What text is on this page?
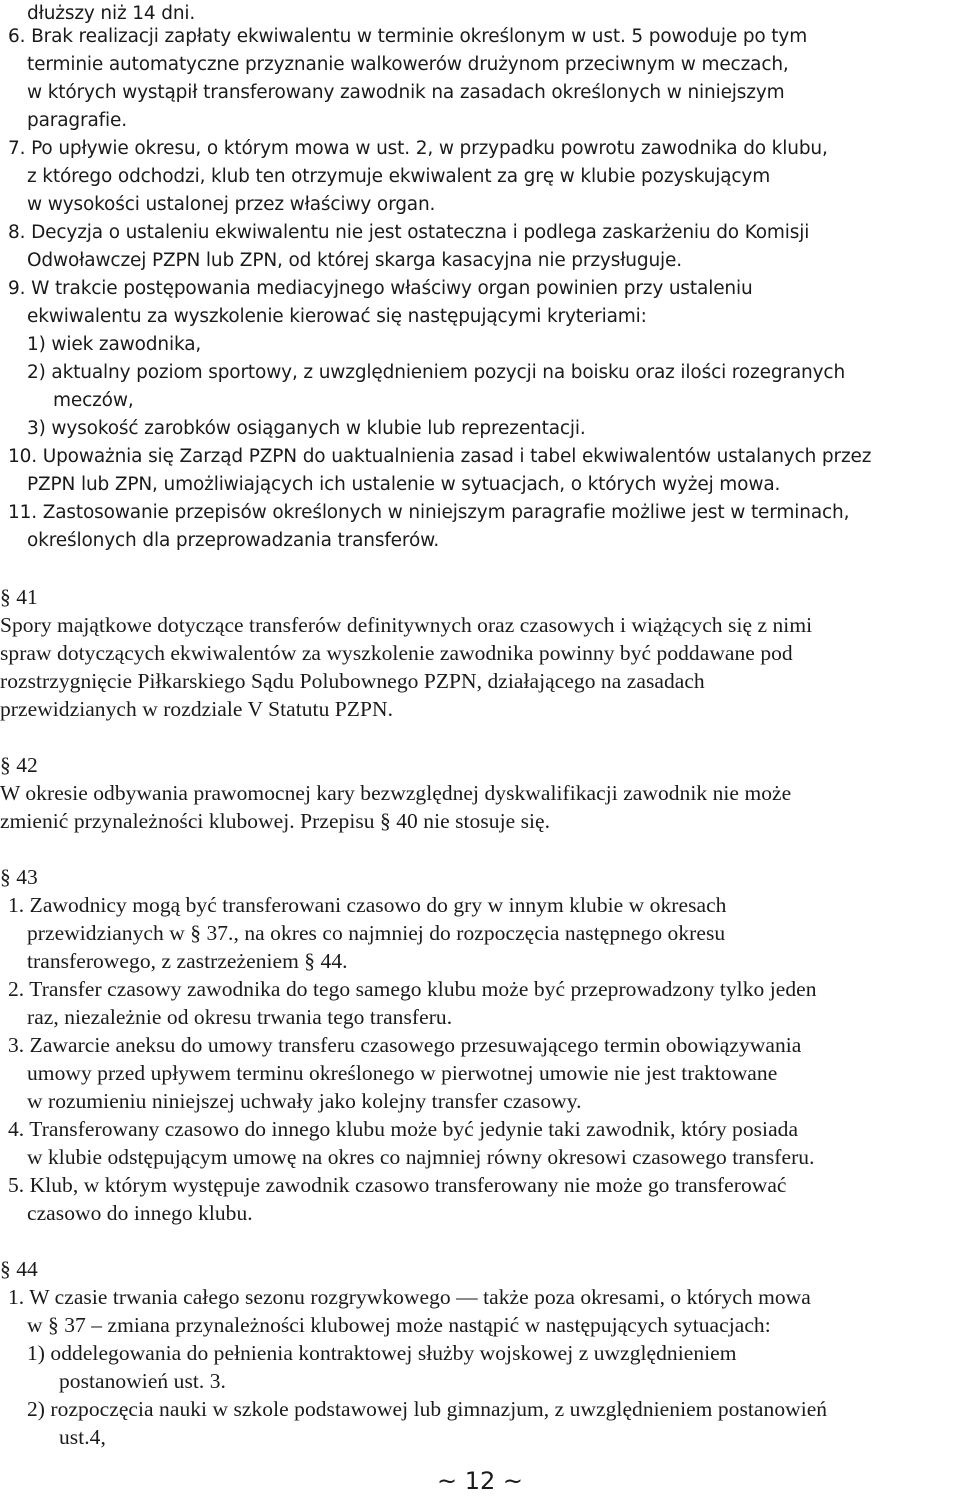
dłuższy niż 14 dni.
6. Brak realizacji zapłaty ekwiwalentu w terminie określonym w ust. 5 powoduje po tym
terminie automatyczne przyznanie walkowerów drużynom przeciwnym w meczach,
w których wystąpił transferowany zawodnik na zasadach określonych w niniejszym
paragrafie.
7. Po upływie okresu, o którym mowa w ust. 2, w przypadku powrotu zawodnika do klubu,
z którego odchodzi, klub ten otrzymuje ekwiwalent za grę w klubie pozyskującym
w wysokości ustalonej przez właściwy organ.
8. Decyzja o ustaleniu ekwiwalentu nie jest ostateczna i podlega zaskarżeniu do Komisji
Odwoławczej PZPN lub ZPN, od której skarga kasacyjna nie przysługuje.
9. W trakcie postępowania mediacyjnego właściwy organ powinien przy ustaleniu
ekwiwalentu za wyszkolenie kierować się następującymi kryteriami:
1) wiek zawodnika,
2) aktualny poziom sportowy, z uwzględnieniem pozycji na boisku oraz ilości rozegranych
meczów,
3) wysokość zarobków osiąganych w klubie lub reprezentacji.
10. Upoważnia się Zarząd PZPN do uaktualnienia zasad i tabel ekwiwalentów ustalanych przez
PZPN lub ZPN, umożliwiających ich ustalenie w sytuacjach, o których wyżej mowa.
11. Zastosowanie przepisów określonych w niniejszym paragrafie możliwe jest w terminach,
określonych dla przeprowadzania transferów.
§ 41
Spory majątkowe dotyczące transferów definitywnych oraz czasowych i wiążących się z nimi
spraw dotyczących ekwiwalentów za wyszkolenie zawodnika powinny być poddawane pod
rozstrzygnięcie Piłkarskiego Sądu Polubownego PZPN, działającego na zasadach
przewidzianych w rozdziale V Statutu PZPN.
§ 42
W okresie odbywania prawomocnej kary bezwzględnej dyskwalifikacji zawodnik nie może
zmienić przynależności klubowej. Przepisu § 40 nie stosuje się.
§ 43
1. Zawodnicy mogą być transferowani czasowo do gry w innym klubie w okresach
przewidzianych w § 37., na okres co najmniej do rozpoczęcia następnego okresu
transferowego, z zastrzeżeniem § 44.
2. Transfer czasowy zawodnika do tego samego klubu może być przeprowadzony tylko jeden
raz, niezależnie od okresu trwania tego transferu.
3. Zawarcie aneksu do umowy transferu czasowego przesuwającego termin obowiązywania
umowy przed upływem terminu określonego w pierwotnej umowie nie jest traktowane
w rozumieniu niniejszej uchwały jako kolejny transfer czasowy.
4. Transferowany czasowo do innego klubu może być jedynie taki zawodnik, który posiada
w klubie odstępującym umowę na okres co najmniej równy okresowi czasowego transferu.
5. Klub, w którym występuje zawodnik czasowo transferowany nie może go transferować
czasowo do innego klubu.
§ 44
1. W czasie trwania całego sezonu rozgrywkowego — także poza okresami, o których mowa
w § 37 – zmiana przynależności klubowej może nastąpić w następujących sytuacjach:
1) oddelegowania do pełnienia kontraktowej służby wojskowej z uwzględnieniem
postanowień ust. 3.
2) rozpoczęcia nauki w szkole podstawowej lub gimnazjum, z uwzględnieniem postanowień
ust.4,
~ 12 ~
